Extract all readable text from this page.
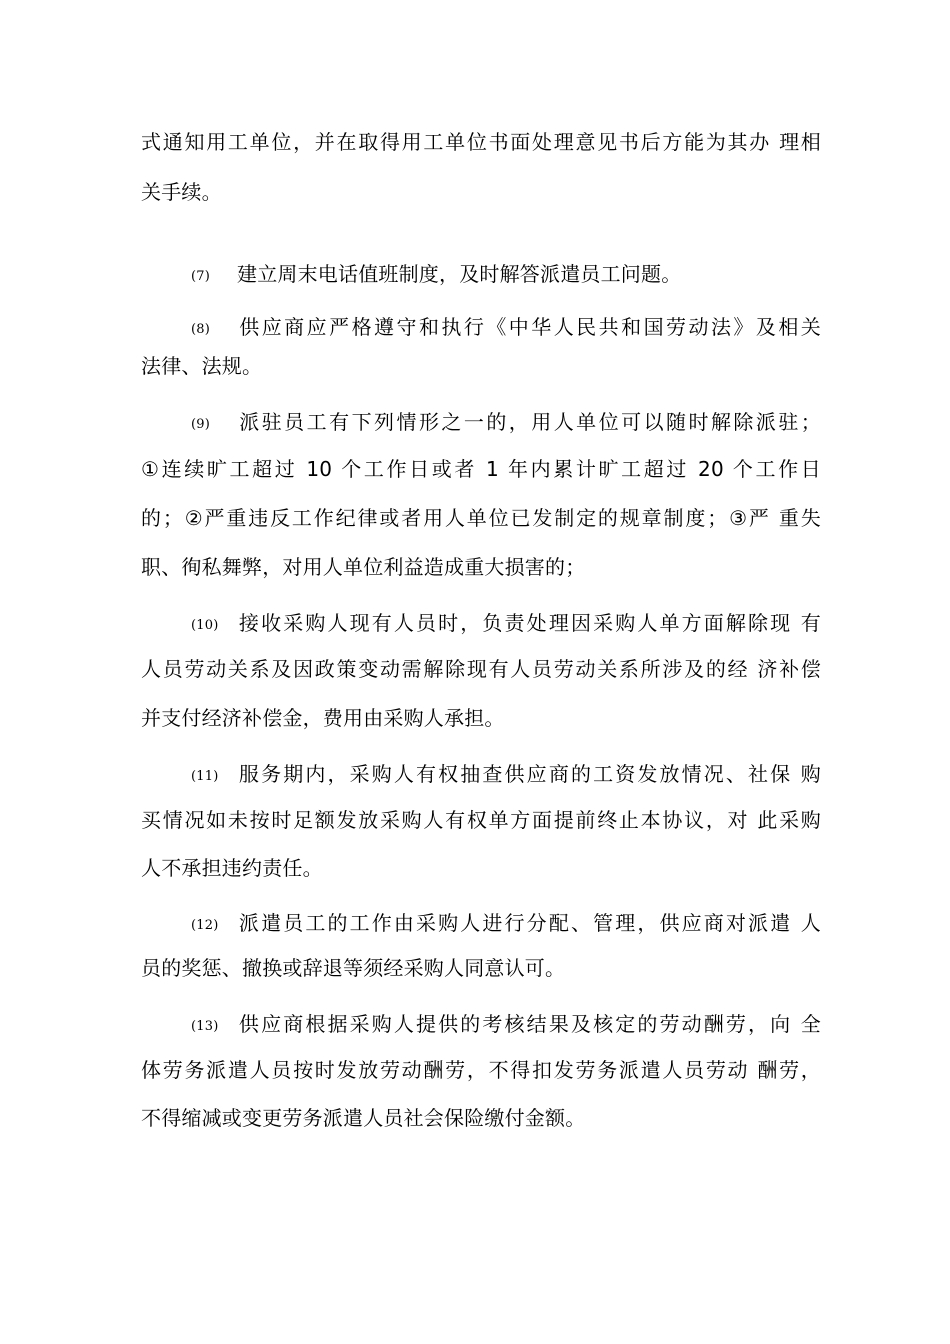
式通知用工单位，并在取得用工单位书面处理意见书后方能为其办 理相
关手续。
(7) 建立周末电话值班制度，及时解答派遣员工问题。
(8) 供应商应严格遵守和执行《中华人民共和国劳动法》及相关
法律、法规。
(9) 派驻员工有下列情形之一的，用人单位可以随时解除派驻；
①连续旷工超过 10 个工作日或者 1 年内累计旷工超过 20 个工作日
的；②严重违反工作纪律或者用人单位已发制定的规章制度；③严 重失
职、徇私舞弊，对用人单位利益造成重大损害的；
(10) 接收采购人现有人员时，负责处理因采购人单方面解除现 有
人员劳动关系及因政策变动需解除现有人员劳动关系所涉及的经 济补偿
并支付经济补偿金，费用由采购人承担。
(11) 服务期内，采购人有权抽查供应商的工资发放情况、社保 购
买情况如未按时足额发放采购人有权单方面提前终止本协议，对 此采购
人不承担违约责任。
(12) 派遣员工的工作由采购人进行分配、管理，供应商对派遣 人
员的奖惩、撤换或辞退等须经采购人同意认可。
(13) 供应商根据采购人提供的考核结果及核定的劳动酬劳，向 全
体劳务派遣人员按时发放劳动酬劳，不得扣发劳务派遣人员劳动 酬劳，
不得缩减或变更劳务派遣人员社会保险缴付金额。
